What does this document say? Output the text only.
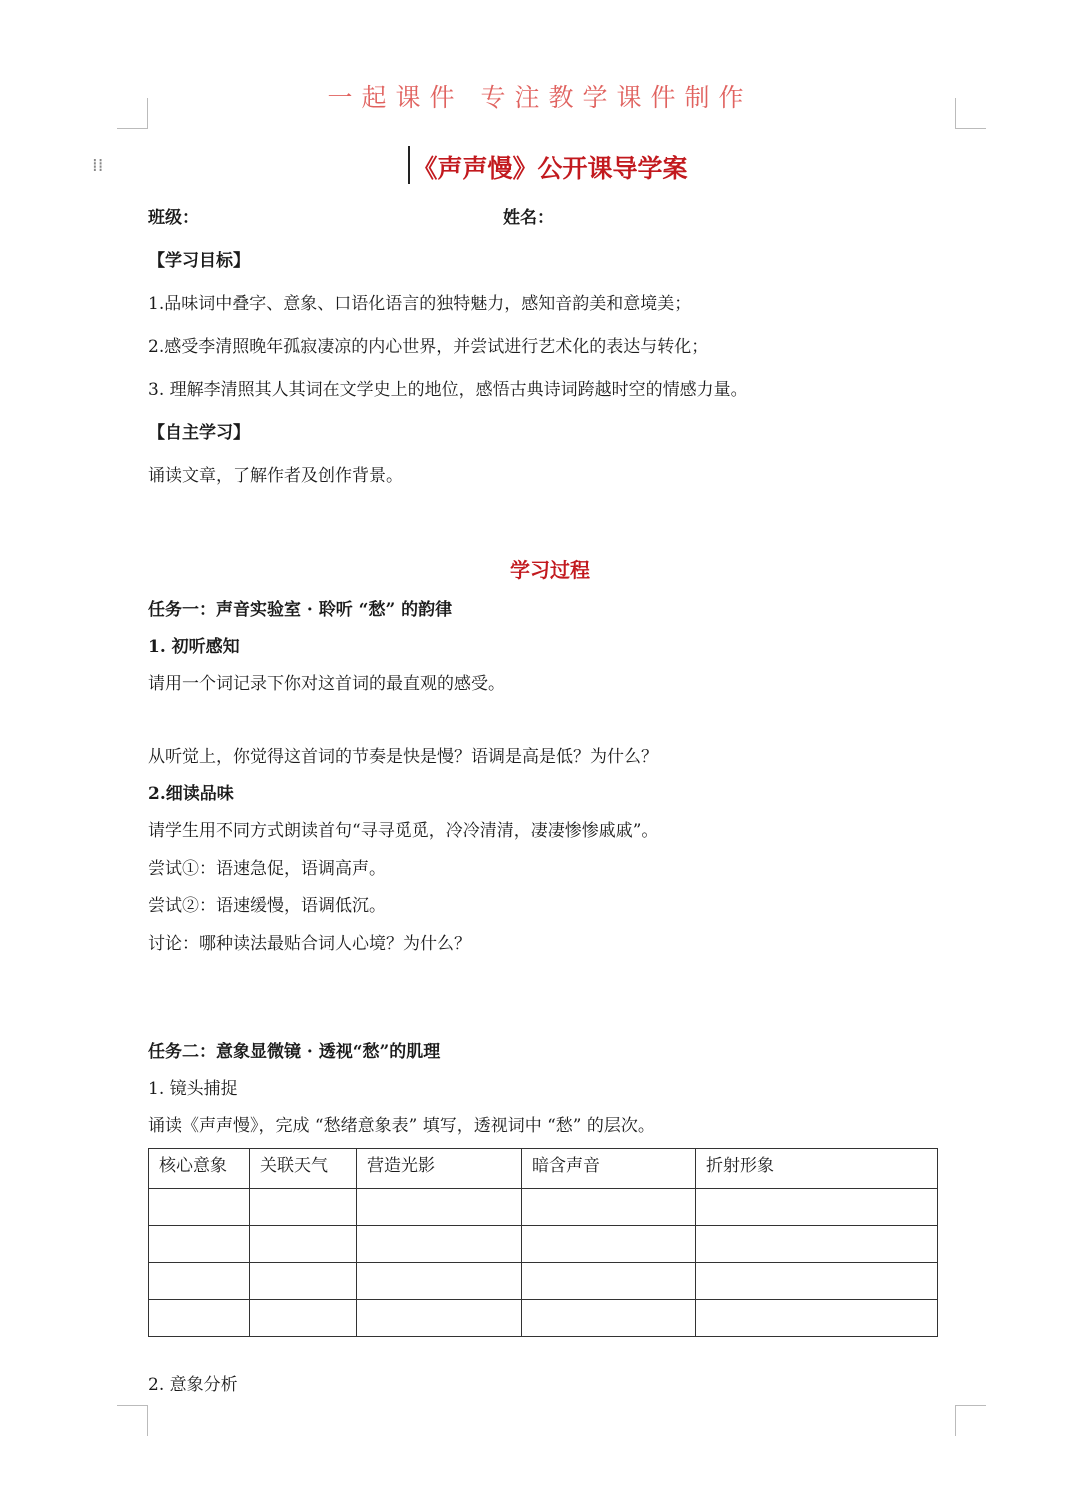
一起课件 专注教学课件制作
⁞⁞	《声声慢》公开课导学案
班级：	姓名：
【学习目标】
1.品味词中叠字、意象、口语化语言的独特魅力，感知音韵美和意境美；
2.感受李清照晚年孤寂凄凉的内心世界，并尝试进行艺术化的表达与转化；
3. 理解李清照其人其词在文学史上的地位，感悟古典诗词跨越时空的情感力量。
【自主学习】
诵读文章，了解作者及创作背景。
学习过程
任务一：声音实验室 · 聆听 “愁” 的韵律
1. 初听感知
请用一个词记录下你对这首词的最直观的感受。
从听觉上，你觉得这首词的节奏是快是慢？语调是高是低？为什么？
2.细读品味
请学生用不同方式朗读首句“寻寻觅觅，冷冷清清，凄凄惨惨戚戚”。
尝试①：语速急促，语调高声。
尝试②：语速缓慢，语调低沉。
讨论：哪种读法最贴合词人心境？为什么？
任务二：意象显微镜 · 透视“愁”的肌理
1. 镜头捕捉
诵读《声声慢》，完成 “愁绪意象表” 填写，透视词中 “愁” 的层次。
核心意象	关联天气	营造光影	暗含声音	折射形象

2. 意象分析
